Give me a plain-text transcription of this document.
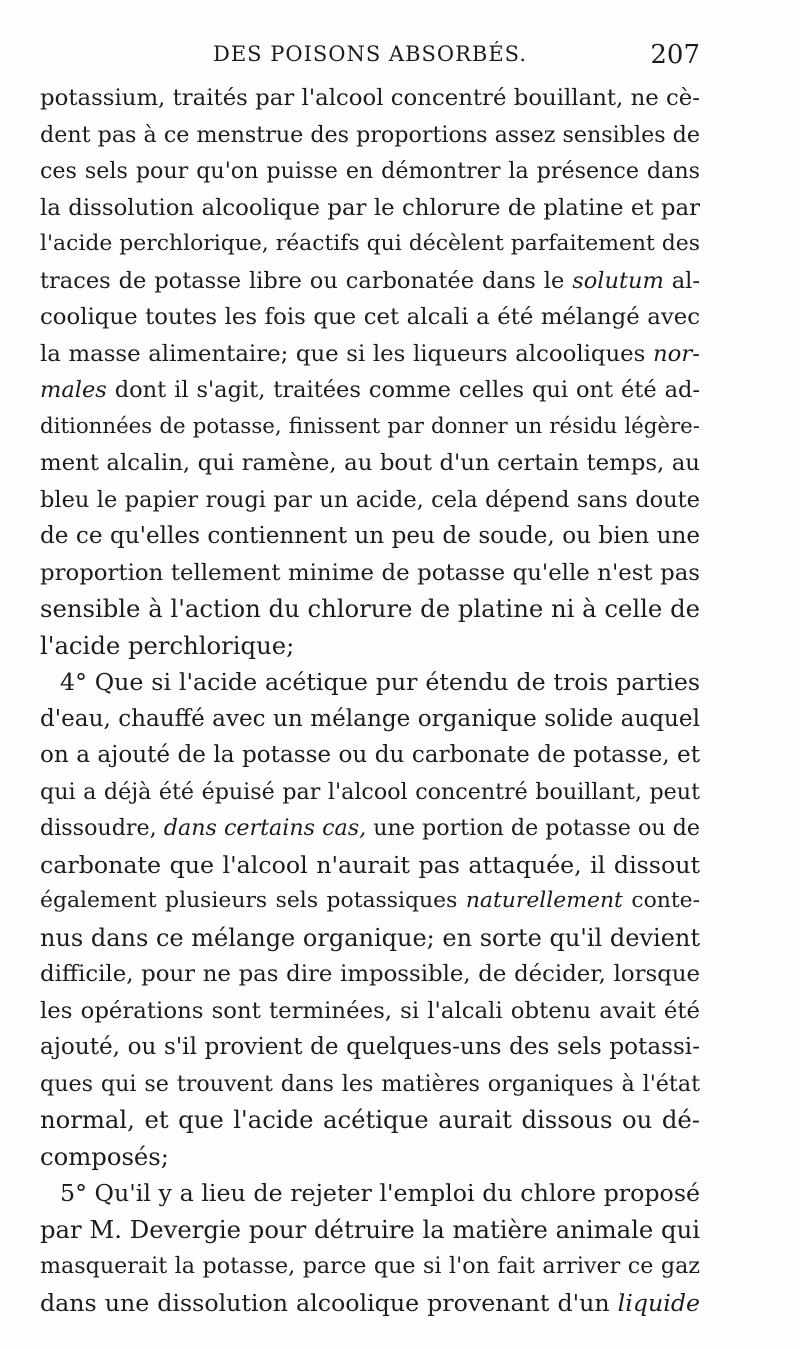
DES POISONS ABSORBÉS.	207
potassium, traités par l'alcool concentré bouillant, ne cè-
dent pas à ce menstrue des proportions assez sensibles de
ces sels pour qu'on puisse en démontrer la présence dans
la dissolution alcoolique par le chlorure de platine et par
l'acide perchlorique, réactifs qui décèlent parfaitement des
traces de potasse libre ou carbonatée dans le solutum al-
coolique toutes les fois que cet alcali a été mélangé avec
la masse alimentaire; que si les liqueurs alcooliques nor-
males dont il s'agit, traitées comme celles qui ont été ad-
ditionnées de potasse, finissent par donner un résidu légère-
ment alcalin, qui ramène, au bout d'un certain temps, au
bleu le papier rougi par un acide, cela dépend sans doute
de ce qu'elles contiennent un peu de soude, ou bien une
proportion tellement minime de potasse qu'elle n'est pas
sensible à l'action du chlorure de platine ni à celle de
l'acide perchlorique;
4° Que si l'acide acétique pur étendu de trois parties
d'eau, chauffé avec un mélange organique solide auquel
on a ajouté de la potasse ou du carbonate de potasse, et
qui a déjà été épuisé par l'alcool concentré bouillant, peut
dissoudre, dans certains cas, une portion de potasse ou de
carbonate que l'alcool n'aurait pas attaquée, il dissout
également plusieurs sels potassiques naturellement conte-
nus dans ce mélange organique; en sorte qu'il devient
difficile, pour ne pas dire impossible, de décider, lorsque
les opérations sont terminées, si l'alcali obtenu avait été
ajouté, ou s'il provient de quelques-uns des sels potassi-
ques qui se trouvent dans les matières organiques à l'état
normal, et que l'acide acétique aurait dissous ou dé-
composés;
5° Qu'il y a lieu de rejeter l'emploi du chlore proposé
par M. Devergie pour détruire la matière animale qui
masquerait la potasse, parce que si l'on fait arriver ce gaz
dans une dissolution alcoolique provenant d'un liquide
